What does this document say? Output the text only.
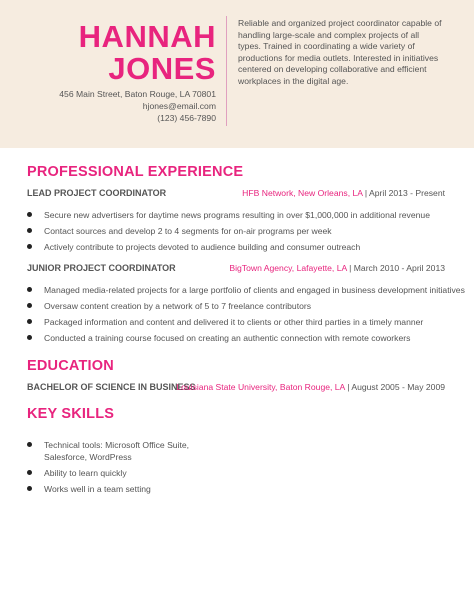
HANNAH
JONES
456 Main Street, Baton Rouge, LA 70801
hjones@email.com
(123) 456-7890
Reliable and organized project coordinator capable of handling large-scale and complex projects of all types. Trained in coordinating a wide variety of productions for media outlets. Interested in initiatives centered on developing collaborative and efficient workplaces in the digital age.
PROFESSIONAL EXPERIENCE
LEAD PROJECT COORDINATOR	HFB Network, New Orleans, LA | April 2013 - Present
Secure new advertisers for daytime news programs resulting in over $1,000,000 in additional revenue
Contact sources and develop 2 to 4 segments for on-air programs per week
Actively contribute to projects devoted to audience building and consumer outreach
JUNIOR PROJECT COORDINATOR	BigTown Agency, Lafayette, LA | March 2010 - April 2013
Managed media-related projects for a large portfolio of clients and engaged in business development initiatives
Oversaw content creation by a network of 5 to 7 freelance contributors
Packaged information and content and delivered it to clients or other third parties in a timely manner
Conducted a training course focused on creating an authentic connection with remote coworkers
EDUCATION
BACHELOR OF SCIENCE IN BUSINESS
Louisiana State University, Baton Rouge, LA | August 2005 - May 2009
KEY SKILLS
Technical tools: Microsoft Office Suite, Salesforce, WordPress
Ability to learn quickly
Works well in a team setting
